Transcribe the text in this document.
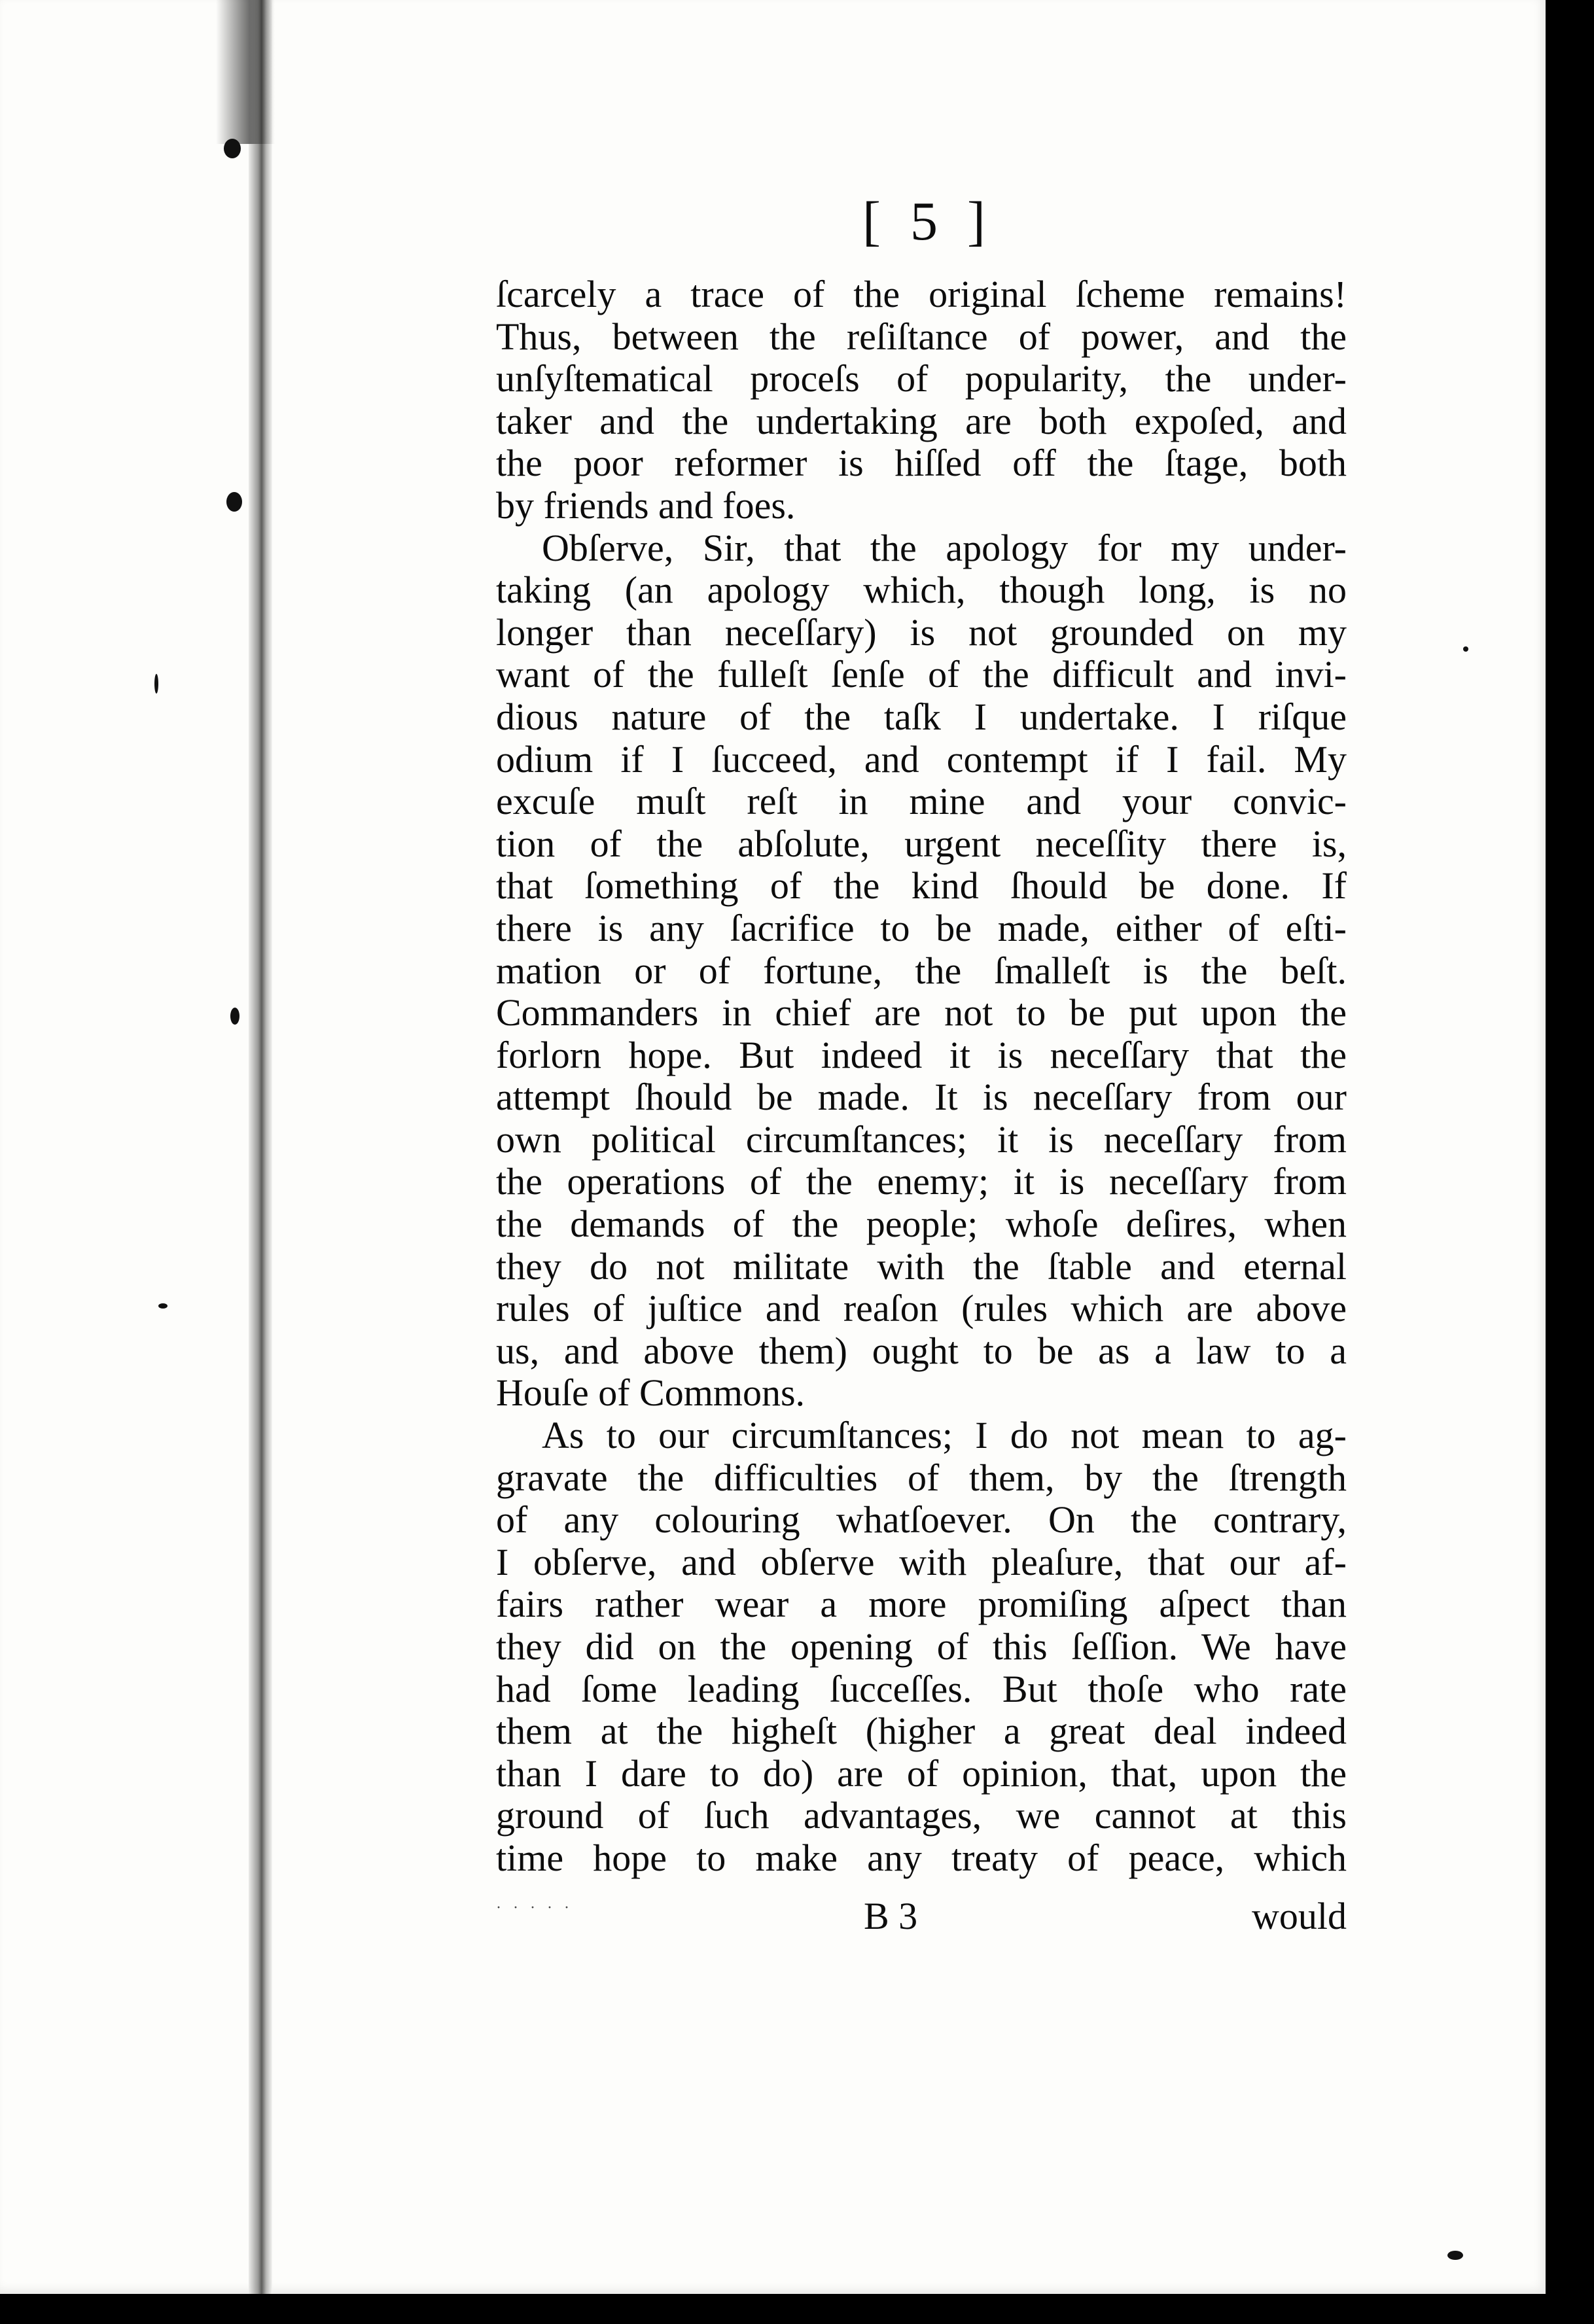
[ 5 ]
ſcarcely a trace of the original ſcheme remains!
Thus, between the reſiſtance of power, and the
unſyſtematical proceſs of popularity, the under-
taker and the undertaking are both expoſed, and
the poor reformer is hiſſed off the ſtage, both
by friends and foes.
Obſerve, Sir, that the apology for my under-
taking (an apology which, though long, is no
longer than neceſſary) is not grounded on my
want of the fulleſt ſenſe of the difficult and invi-
dious nature of the taſk I undertake. I riſque
odium if I ſucceed, and contempt if I fail. My
excuſe muſt reſt in mine and your convic-
tion of the abſolute, urgent neceſſity there is,
that ſomething of the kind ſhould be done. If
there is any ſacrifice to be made, either of eſti-
mation or of fortune, the ſmalleſt is the beſt.
Commanders in chief are not to be put upon the
forlorn hope. But indeed it is neceſſary that the
attempt ſhould be made. It is neceſſary from our
own political circumſtances; it is neceſſary from
the operations of the enemy; it is neceſſary from
the demands of the people; whoſe deſires, when
they do not militate with the ſtable and eternal
rules of juſtice and reaſon (rules which are above
us, and above them) ought to be as a law to a
Houſe of Commons.
As to our circumſtances; I do not mean to ag-
gravate the difficulties of them, by the ſtrength
of any colouring whatſoever. On the contrary,
I obſerve, and obſerve with pleaſure, that our af-
fairs rather wear a more promiſing aſpect than
they did on the opening of this ſeſſion. We have
had ſome leading ſucceſſes. But thoſe who rate
them at the higheſt (higher a great deal indeed
than I dare to do) are of opinion, that, upon the
ground of ſuch advantages, we cannot at this
time hope to make any treaty of peace, which
· · · · ·	B 3	would
